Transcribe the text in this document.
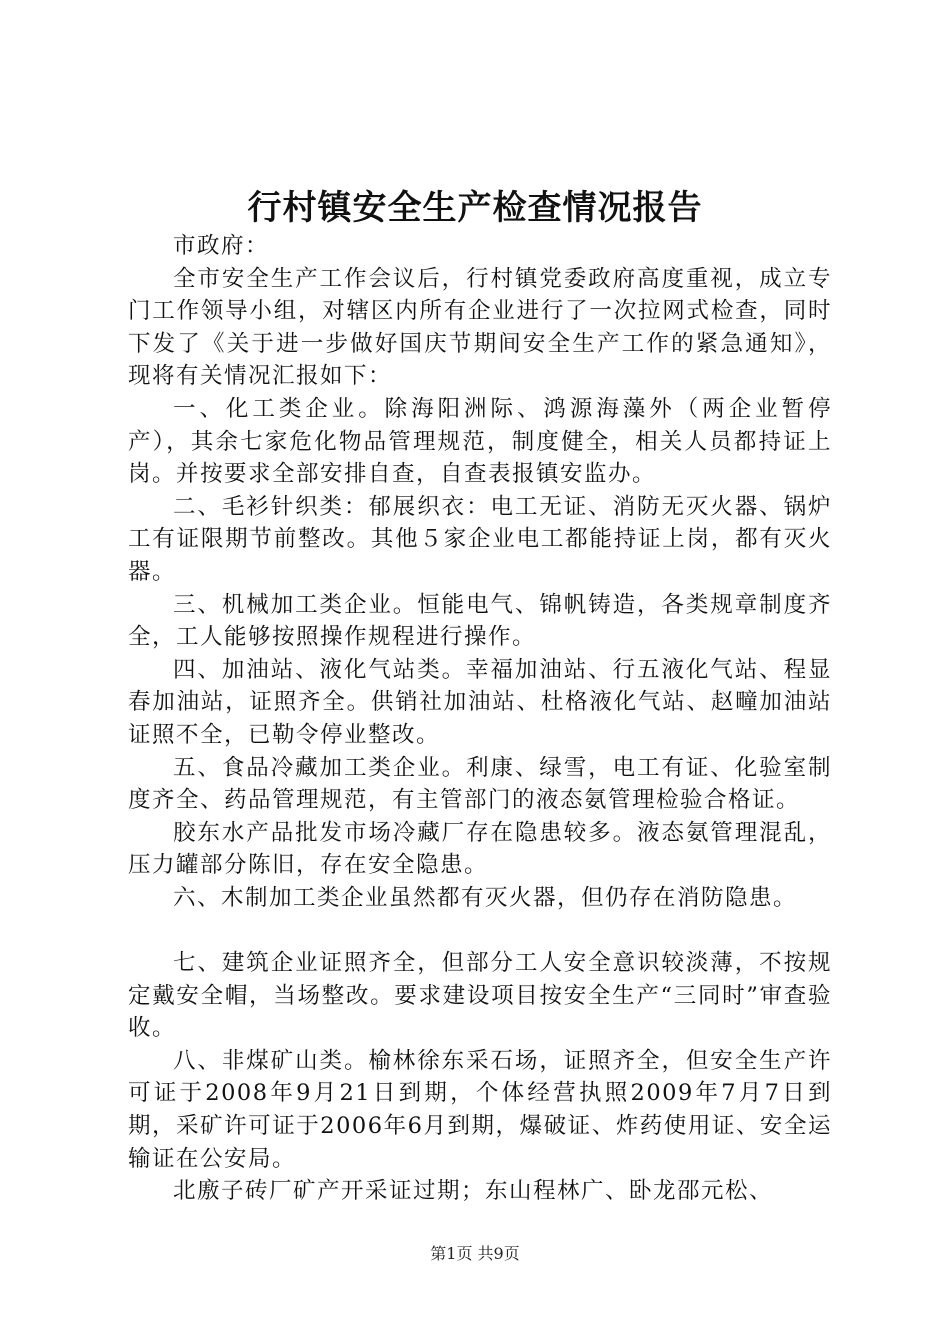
行村镇安全生产检查情况报告

市政府：

全市安全生产工作会议后，行村镇党委政府高度重视，成立专门工作领导小组，对辖区内所有企业进行了一次拉网式检查，同时下发了《关于进一步做好国庆节期间安全生产工作的紧急通知》，现将有关情况汇报如下：

一、化工类企业。除海阳洲际、鸿源海藻外（两企业暂停产），其余七家危化物品管理规范，制度健全，相关人员都持证上岗。并按要求全部安排自查，自查表报镇安监办。

二、毛衫针织类：郁展织衣：电工无证、消防无灭火器、锅炉工有证限期节前整改。其他５家企业电工都能持证上岗，都有灭火器。

三、机械加工类企业。恒能电气、锦帆铸造，各类规章制度齐全，工人能够按照操作规程进行操作。

四、加油站、液化气站类。幸福加油站、行五液化气站、程显春加油站，证照齐全。供销社加油站、杜格液化气站、赵疃加油站证照不全，已勒令停业整改。

五、食品冷藏加工类企业。利康、绿雪，电工有证、化验室制度齐全、药品管理规范，有主管部门的液态氨管理检验合格证。

胶东水产品批发市场冷藏厂存在隐患较多。液态氨管理混乱，压力罐部分陈旧，存在安全隐患。

六、木制加工类企业虽然都有灭火器，但仍存在消防隐患。

七、建筑企业证照齐全，但部分工人安全意识较淡薄，不按规定戴安全帽，当场整改。要求建设项目按安全生产“三同时”审查验收。

八、非煤矿山类。榆林徐东采石场，证照齐全，但安全生产许可证于2008年9月21日到期，个体经营执照2009年7月7日到期，采矿许可证于2006年6月到期，爆破证、炸药使用证、安全运输证在公安局。

北廒子砖厂矿产开采证过期；东山程林广、卧龙邵元松、

第1页 共9页
